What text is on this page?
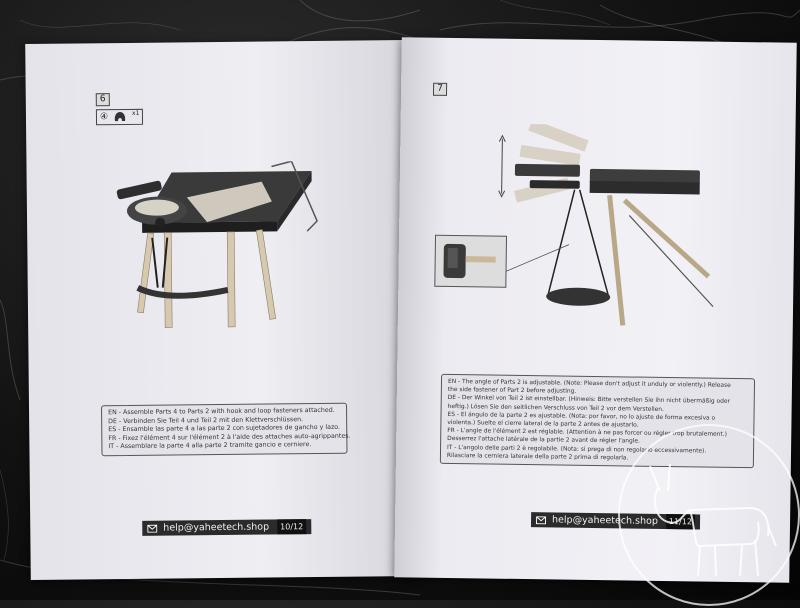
6
④	x1

EN - Assemble Parts 4 to Parts 2 with hook and loop fasteners attached.

DE - Verbinden Sie Teil 4 und Teil 2 mit den Klettverschlüssen.

ES - Ensamble las parte 4 a las parte 2 con sujetadores de gancho y lazo.

FR - Fixez l'élément 4 sur l'élément 2 à l'aide des attaches auto-agrippantes.

IT - Assemblare la parte 4 alla parte 2 tramite gancio e cerniere.

help@yaheetech.shop	10/12
7

EN - The angle of Parts 2 is adjustable. (Note: Please don't adjust it unduly or violently.) Release

the side fastener of Part 2 before adjusting.

DE - Der Winkel von Teil 2 ist einstellbar. (Hinweis: Bitte verstellen Sie ihn nicht übermäßig oder

heftig.) Lösen Sie den seitlichen Verschluss von Teil 2 vor dem Verstellen.

ES - El ángulo de la parte 2 es ajustable. (Nota: por favor, no lo ajuste de forma excesiva o

violenta.) Suelte el cierre lateral de la parte 2 antes de ajustarlo.

FR - L'angle de l'élément 2 est réglable. (Attention à ne pas forcer ou régler trop brutalement.)

Desserrez l'attache latérale de la partie 2 avant de régler l'angle.

IT - L'angolo delle parti 2 è regolabile. (Nota: si prega di non regolarlo eccessivamente).

Rilasciare la cerniera laterale della parte 2 prima di regolarla.

help@yaheetech.shop	11/12
